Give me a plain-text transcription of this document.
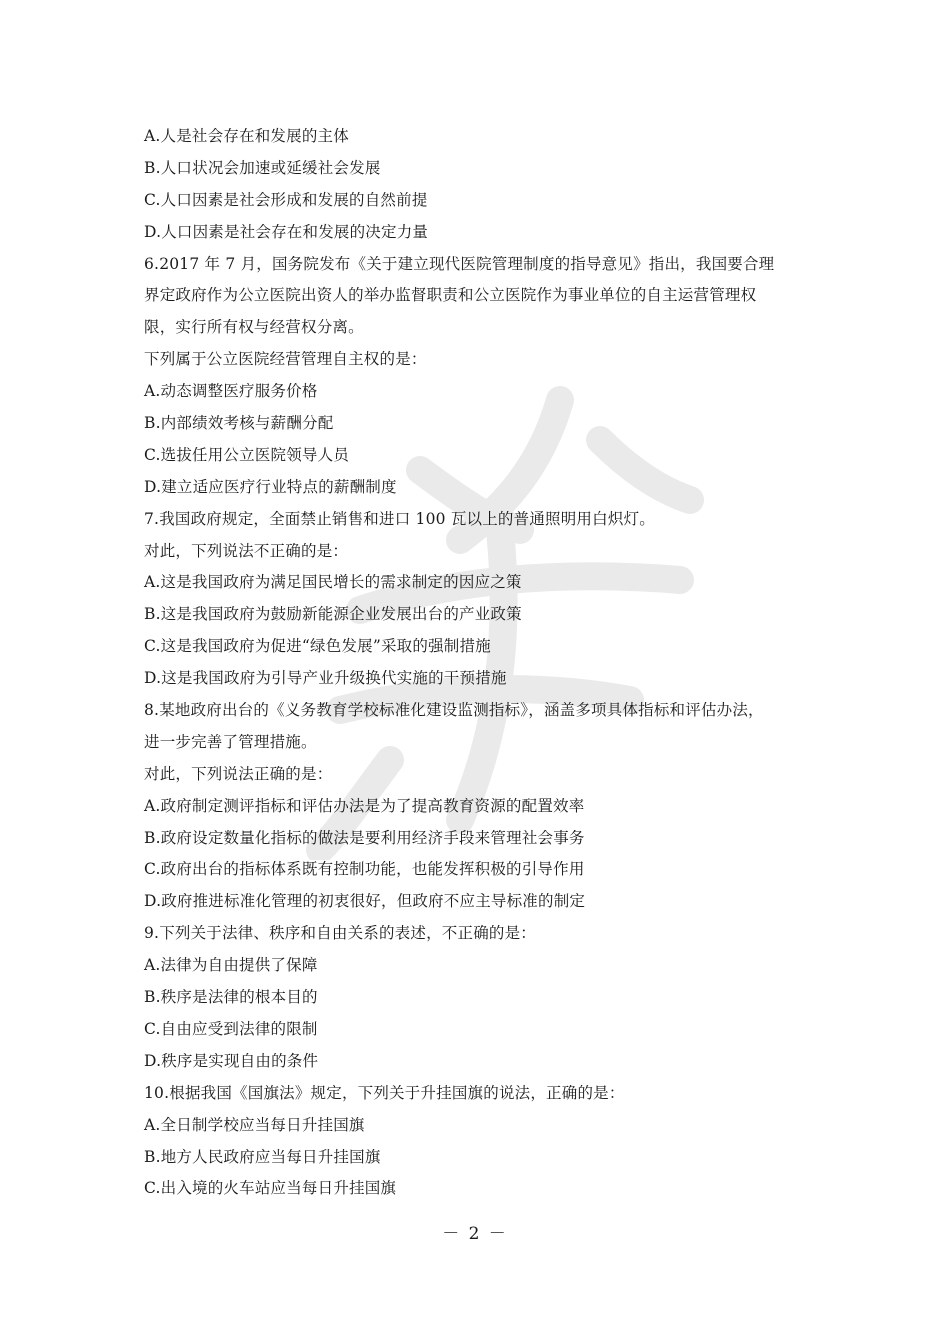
A.人是社会存在和发展的主体
B.人口状况会加速或延缓社会发展
C.人口因素是社会形成和发展的自然前提
D.人口因素是社会存在和发展的决定力量
6.2017 年 7 月，国务院发布《关于建立现代医院管理制度的指导意见》指出，我国要合理
界定政府作为公立医院出资人的举办监督职责和公立医院作为事业单位的自主运营管理权
限，实行所有权与经营权分离。
下列属于公立医院经营管理自主权的是：
A.动态调整医疗服务价格
B.内部绩效考核与薪酬分配
C.选拔任用公立医院领导人员
D.建立适应医疗行业特点的薪酬制度
7.我国政府规定，全面禁止销售和进口 100 瓦以上的普通照明用白炽灯。
对此，下列说法不正确的是：
A.这是我国政府为满足国民增长的需求制定的因应之策
B.这是我国政府为鼓励新能源企业发展出台的产业政策
C.这是我国政府为促进“绿色发展”采取的强制措施
D.这是我国政府为引导产业升级换代实施的干预措施
8.某地政府出台的《义务教育学校标准化建设监测指标》，涵盖多项具体指标和评估办法，
进一步完善了管理措施。
对此，下列说法正确的是：
A.政府制定测评指标和评估办法是为了提高教育资源的配置效率
B.政府设定数量化指标的做法是要利用经济手段来管理社会事务
C.政府出台的指标体系既有控制功能，也能发挥积极的引导作用
D.政府推进标准化管理的初衷很好，但政府不应主导标准的制定
9.下列关于法律、秩序和自由关系的表述，不正确的是：
A.法律为自由提供了保障
B.秩序是法律的根本目的
C.自由应受到法律的限制
D.秩序是实现自由的条件
10.根据我国《国旗法》规定，下列关于升挂国旗的说法，正确的是：
A.全日制学校应当每日升挂国旗
B.地方人民政府应当每日升挂国旗
C.出入境的火车站应当每日升挂国旗
－ 2 －
